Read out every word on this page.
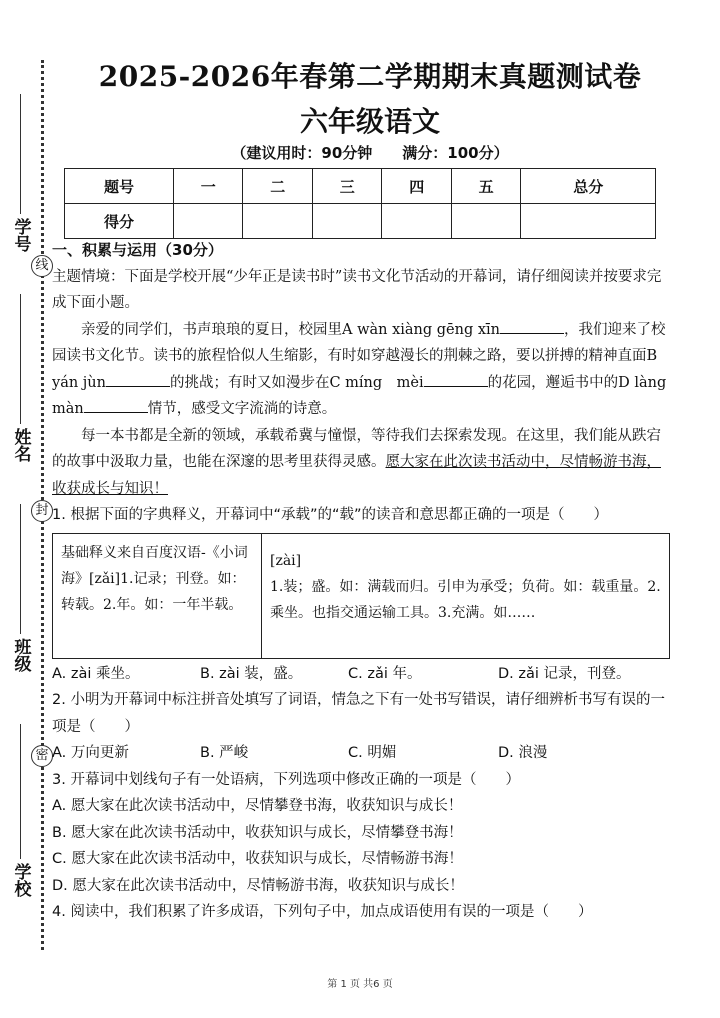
学号
姓名
班级
学校
线
封
密
2025-2026年春第二学期期末真题测试卷
六年级语文
（建议用时：90分钟　　满分：100分）
题号	一	二	三	四	五	总分
得分						

一、积累与运用（30分）

主题情境：下面是学校开展“少年正是读书时”读书文化节活动的开幕词，请仔细阅读并按要求完成下面小题。

亲爱的同学们，书声琅琅的夏日，校园里A wàn xiàng gēng xīn	，我们迎来了校园读书文化节。读书的旅程恰似人生缩影，有时如穿越漫长的荆棘之路，要以拼搏的精神直面B yán jùn	的挑战；有时又如漫步在C míng　mèi	的花园，邂逅书中的D làng　màn	情节，感受文字流淌的诗意。

每一本书都是全新的领域，承载希冀与憧憬，等待我们去探索发现。在这里，我们能从跌宕的故事中汲取力量，也能在深邃的思考里获得灵感。愿大家在此次读书活动中，尽情畅游书海，收获成长与知识！

1. 根据下面的字典释义，开幕词中“承载”的“载”的读音和意思都正确的一项是（　　）

基础释义来自百度汉语-《小词海》[zǎi]1.记录；刊登。如：转载。2.年。如：一年半载。
[zài]
1.装；盛。如：满载而归。引申为承受；负荷。如：载重量。2.乘坐。也指交通运输工具。3.充满。如……
A. zài 乘坐。	B. zài 装，盛。	C. zǎi 年。	D. zǎi 记录，刊登。

2. 小明为开幕词中标注拼音处填写了词语，情急之下有一处书写错误，请仔细辨析书写有误的一项是（　　）

A. 万向更新	B. 严峻	C. 明媚	D. 浪漫

3. 开幕词中划线句子有一处语病，下列选项中修改正确的一项是（　　）

A. 愿大家在此次读书活动中，尽情攀登书海，收获知识与成长！

B. 愿大家在此次读书活动中，收获知识与成长，尽情攀登书海！

C. 愿大家在此次读书活动中，收获知识与成长，尽情畅游书海！

D. 愿大家在此次读书活动中，尽情畅游书海，收获知识与成长！

4. 阅读中，我们积累了许多成语，下列句子中，加点成语使用有误的一项是（　　）

第 1 页 共6 页
